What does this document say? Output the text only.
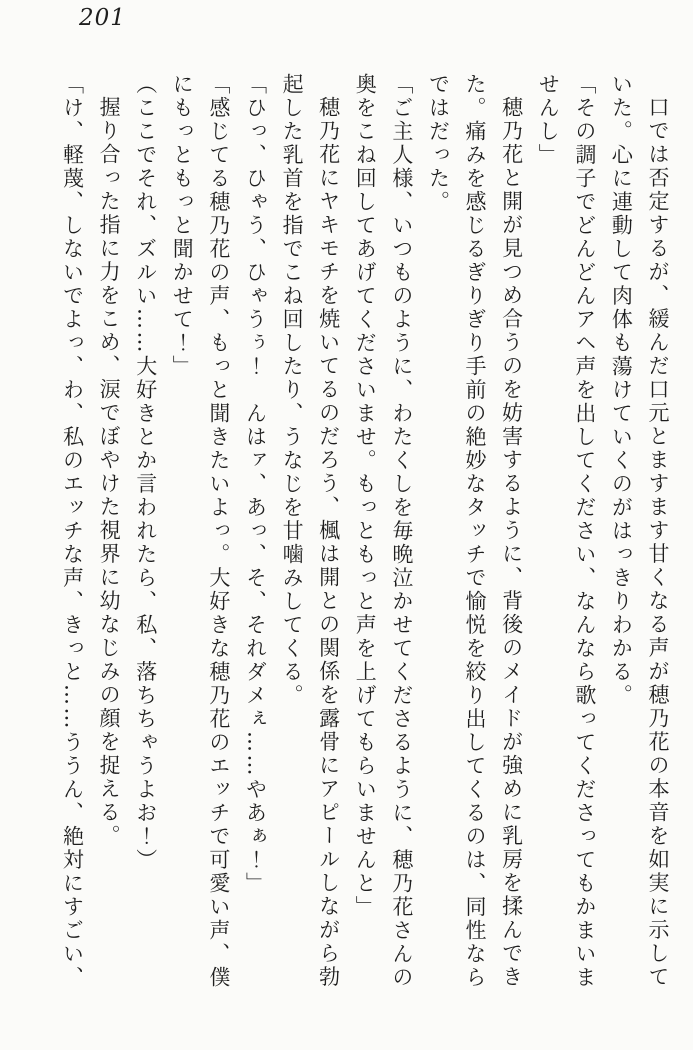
201

口では否定するが、緩んだ口元とますます甘くなる声が穂乃花の本音を如実に示していた。心に連動して肉体も蕩けていくのがはっきりわかる。

「その調子でどんどんアヘ声を出してください、なんなら歌ってくださってもかまいませんし」

穂乃花と開が見つめ合うのを妨害するように、背後のメイドが強めに乳房を揉んできた。痛みを感じるぎりぎり手前の絶妙なタッチで愉悦を絞り出してくるのは、同性ならではだった。

「ご主人様、いつものように、わたくしを毎晩泣かせてくださるように、穂乃花さんの奥をこね回してあげてくださいませ。もっともっと声を上げてもらいませんと」

穂乃花にヤキモチを焼いてるのだろう、楓は開との関係を露骨にアピールしながら勃起した乳首を指でこね回したり、うなじを甘噛みしてくる。

「ひっ、ひゃう、ひゃうぅ！　んはァ、あっ、そ、それダメぇ……やあぁ！」

「感じてる穂乃花の声、もっと聞きたいよっ。大好きな穂乃花のエッチで可愛い声、僕にもっともっと聞かせて！」

（ここでそれ、ズルい……大好きとか言われたら、私、落ちちゃうよお！）

握り合った指に力をこめ、涙でぼやけた視界に幼なじみの顔を捉える。

「け、軽蔑、しないでよっ、わ、私のエッチな声、きっと……ううん、絶対にすごい、
